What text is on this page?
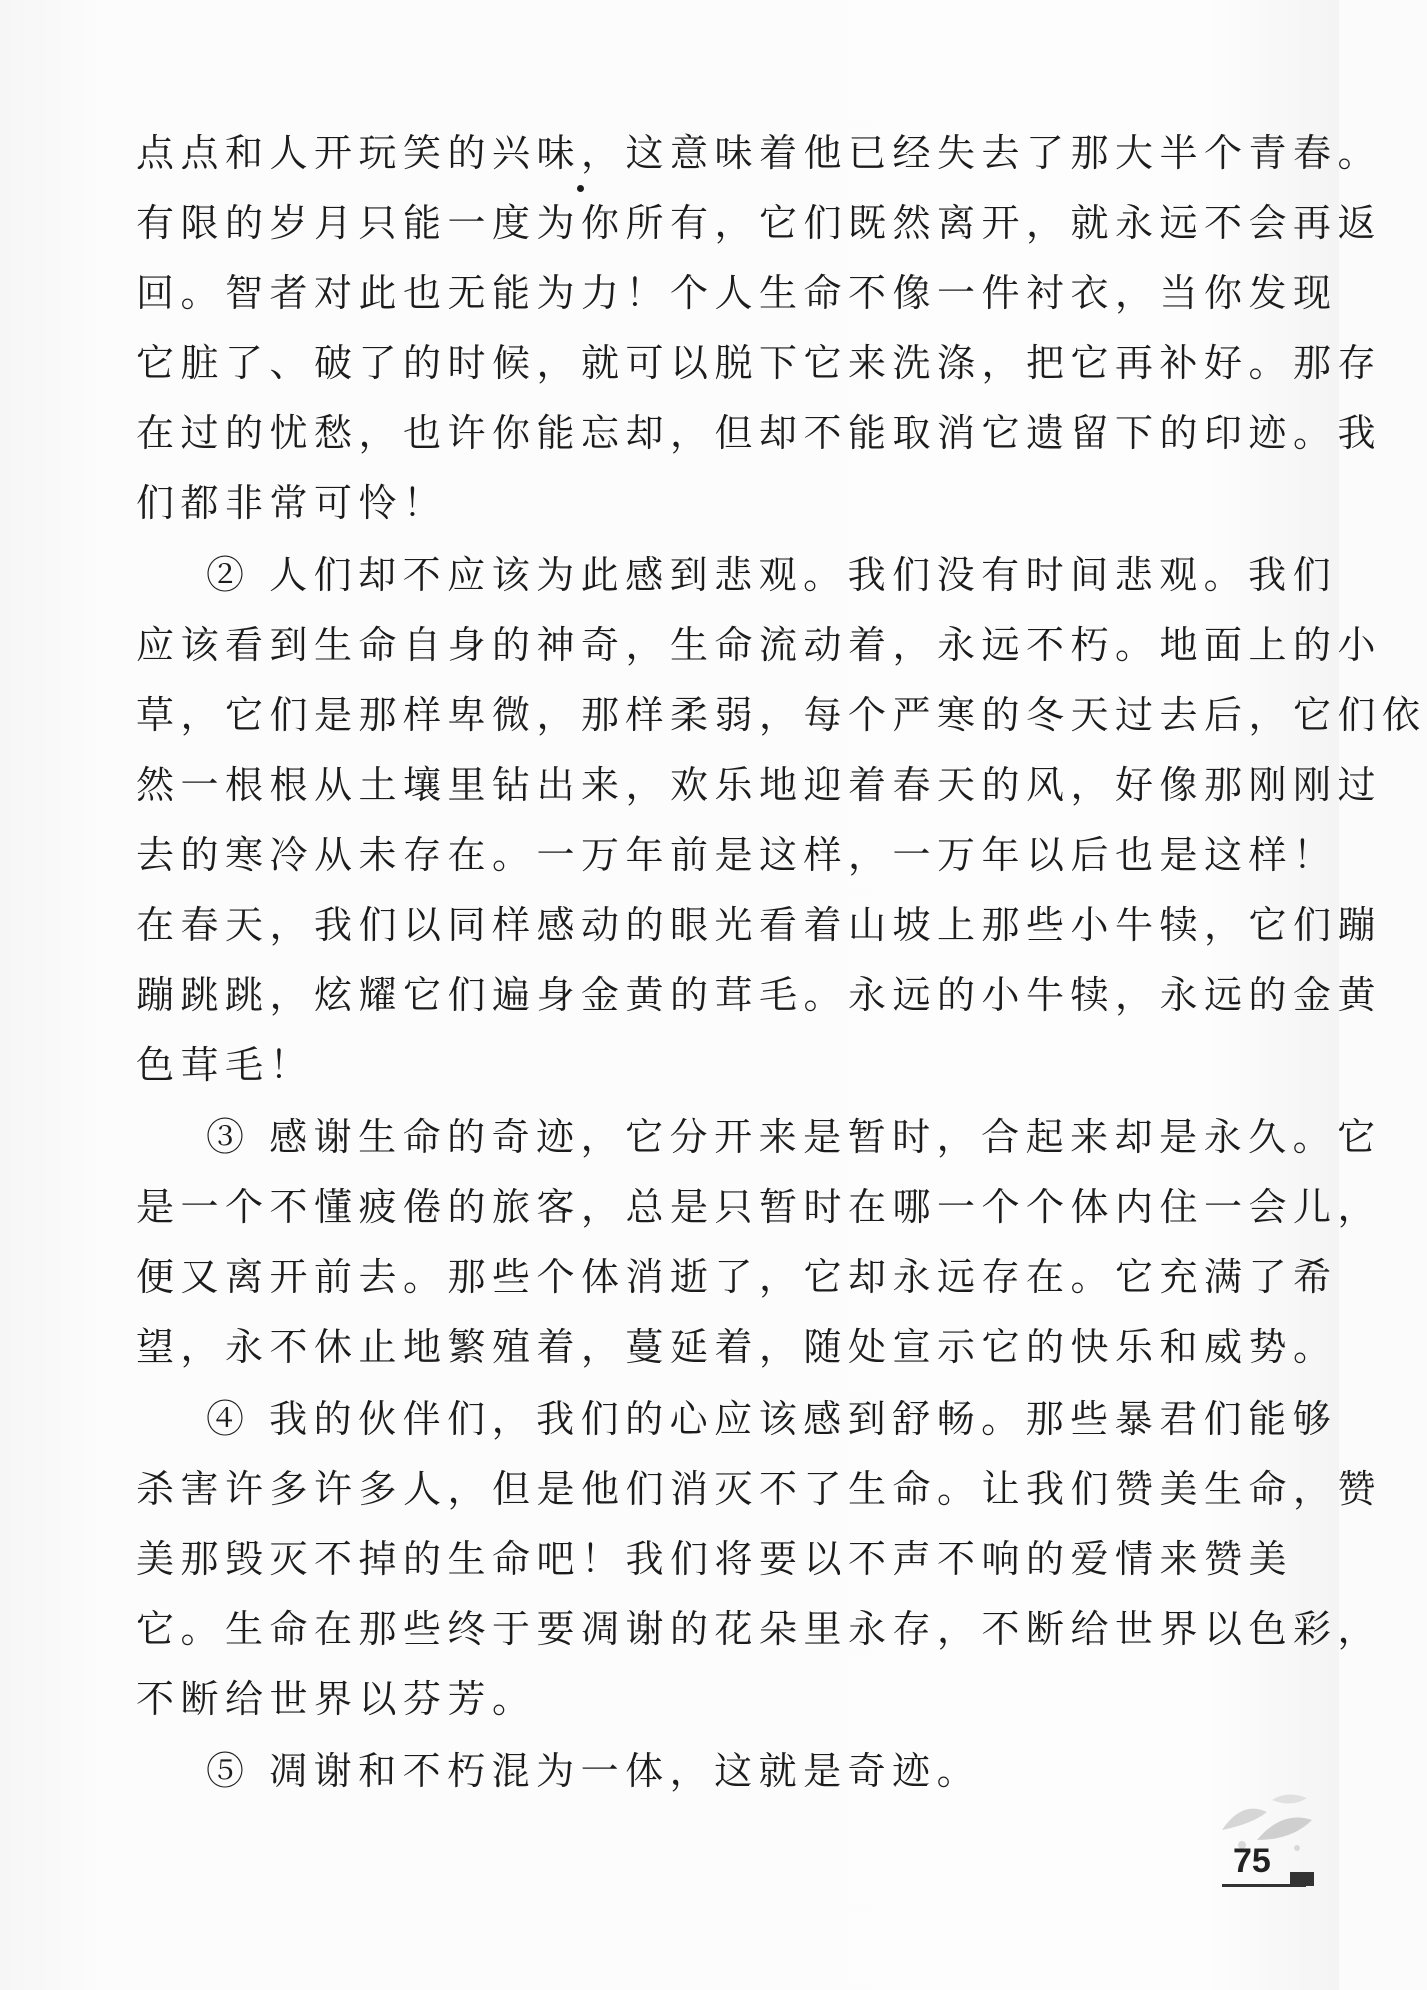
点点和人开玩笑的兴味，这意味着他已经失去了那大半个青春。
有限的岁月只能一度为你所有，它们既然离开，就永远不会再返
回。智者对此也无能为力！个人生命不像一件衬衣，当你发现
它脏了、破了的时候，就可以脱下它来洗涤，把它再补好。那存
在过的忧愁，也许你能忘却，但却不能取消它遗留下的印迹。我
们都非常可怜！
② 人们却不应该为此感到悲观。我们没有时间悲观。我们
应该看到生命自身的神奇，生命流动着，永远不朽。地面上的小
草，它们是那样卑微，那样柔弱，每个严寒的冬天过去后，它们依
然一根根从土壤里钻出来，欢乐地迎着春天的风，好像那刚刚过
去的寒冷从未存在。一万年前是这样，一万年以后也是这样！
在春天，我们以同样感动的眼光看着山坡上那些小牛犊，它们蹦
蹦跳跳，炫耀它们遍身金黄的茸毛。永远的小牛犊，永远的金黄
色茸毛！
③ 感谢生命的奇迹，它分开来是暂时，合起来却是永久。它
是一个不懂疲倦的旅客，总是只暂时在哪一个个体内住一会儿，
便又离开前去。那些个体消逝了，它却永远存在。它充满了希
望，永不休止地繁殖着，蔓延着，随处宣示它的快乐和威势。
④ 我的伙伴们，我们的心应该感到舒畅。那些暴君们能够
杀害许多许多人，但是他们消灭不了生命。让我们赞美生命，赞
美那毁灭不掉的生命吧！我们将要以不声不响的爱情来赞美
它。生命在那些终于要凋谢的花朵里永存，不断给世界以色彩，
不断给世界以芬芳。
⑤ 凋谢和不朽混为一体，这就是奇迹。
75
